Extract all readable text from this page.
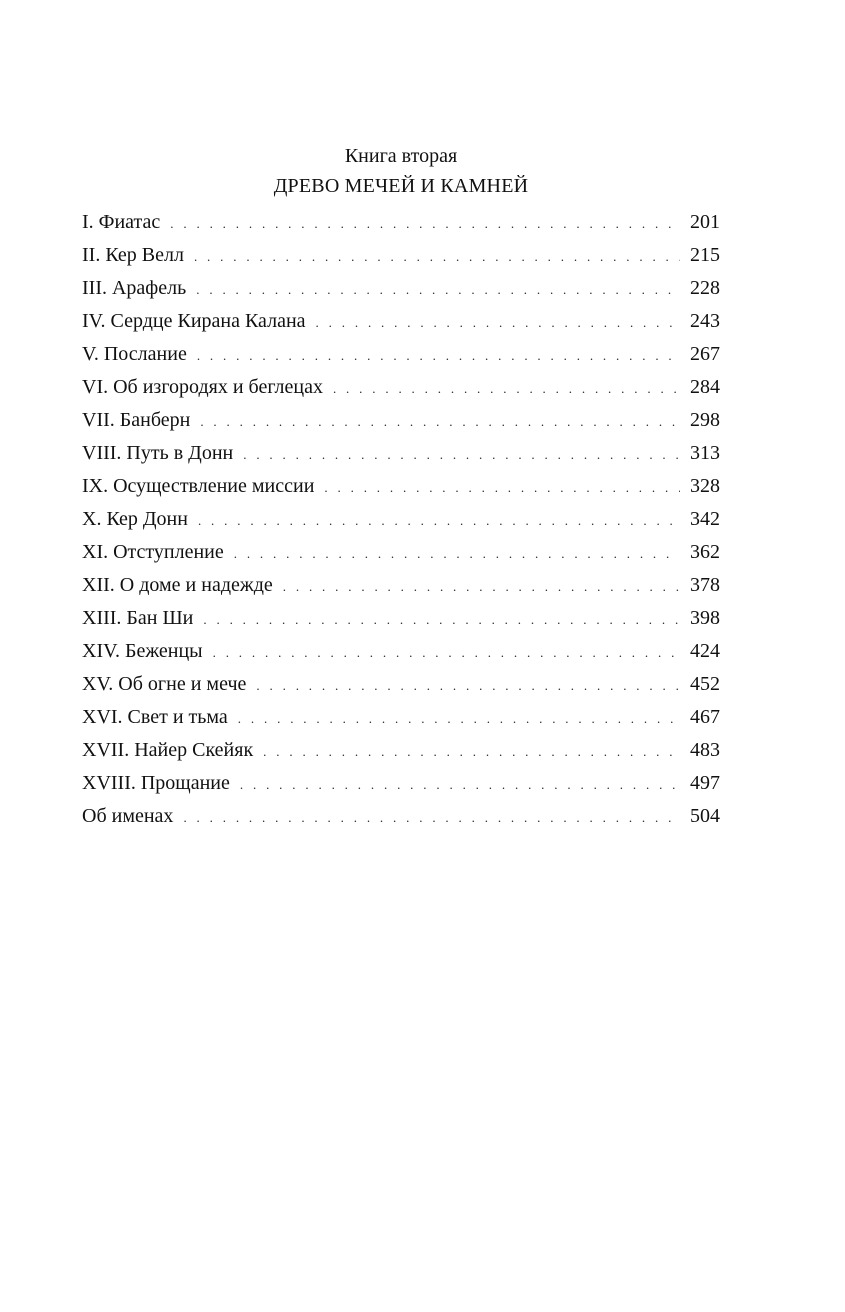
Книга вторая
ДРЕВО МЕЧЕЙ И КАМНЕЙ
I. Фиатас . . .	201
II. Кер Велл . . .	215
III. Арафель . . .	228
IV. Сердце Кирана Калана . . .	243
V. Послание . . .	267
VI. Об изгородях и беглецах . . .	284
VII. Банберн . . .	298
VIII. Путь в Донн . . .	313
IX. Осуществление миссии . . .	328
X. Кер Донн . . .	342
XI. Отступление . . .	362
XII. О доме и надежде . . .	378
XIII. Бан Ши . . .	398
XIV. Беженцы . . .	424
XV. Об огне и мече . . .	452
XVI. Свет и тьма . . .	467
XVII. Найер Скейяк . . .	483
XVIII. Прощание . . .	497
Об именах . . .	504
